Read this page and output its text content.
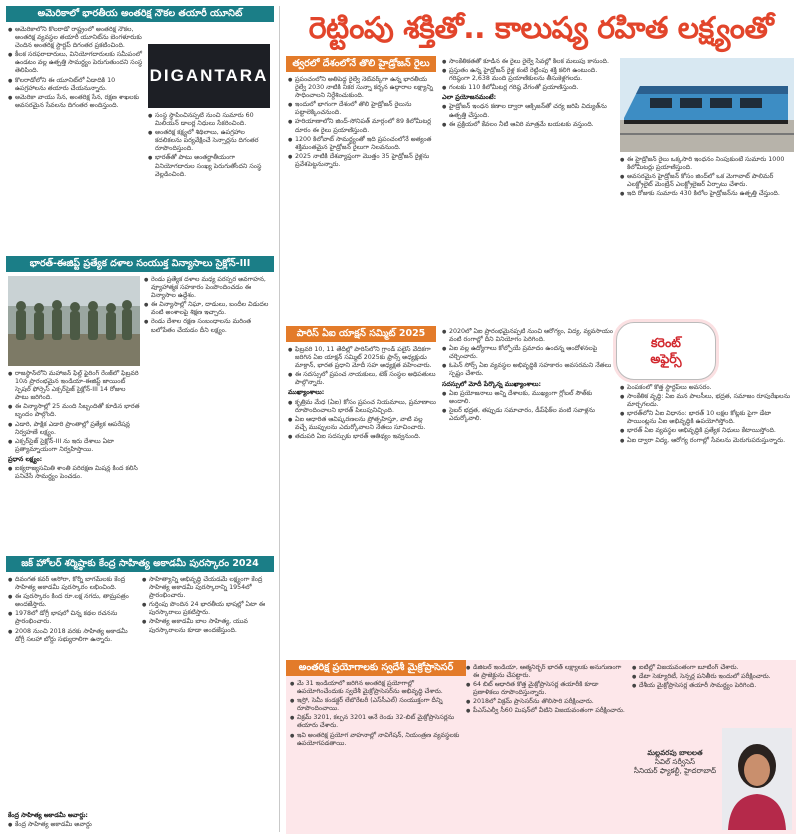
అమెరికాలో భారతీయ అంతరిక్ష నౌకల తయారీ యూనిట్
● అమెరికాలోని కొలరాడో రాష్ట్రంలో అంతరిక్ష నౌకల, అంతరిక్ష వ్యవస్థల తయారీ యూనిట్‌ను బెంగళూరుకు చెందిన అంతరిక్ష స్టార్టప్ దిగంతర ప్రకటించింది.
● కీలక సరఫరాదారులు, వినియోగదారులకు సమీపంలో ఉండటం వల్ల ఉత్పత్తి సామర్థ్యం పెరుగుతుందని సంస్థ తెలిపింది.
● కొలరాడోలోని ఈ యూనిట్‌లో ఏడాదికి 10 ఉపగ్రహాలను తయారు చేయనున్నారు.
● అమెరికా వాయు సేన, అంతరిక్ష సేన, రక్షణ శాఖలకు అవసరమైన సేవలను దిగంతర అందిస్తుంది.
DIGANTARA
● సంస్థ స్థాపించినప్పటి నుంచి సుమారు 60 మిలియన్ డాలర్ల నిధులు సేకరించింది.
● అంతరిక్ష కక్ష్యలో శిథిలాలు, ఉపగ్రహాల కదలికలను పర్యవేక్షించే సెన్సార్లను దిగంతర రూపొందిస్తుంది.
● భారత్‌తో పాటు అంతర్జాతీయంగా వినియోగదారుల సంఖ్య పెరుగుతోందని సంస్థ వెల్లడించింది.
భారత్-ఈజిప్ట్ ప్రత్యేక దళాల సంయుక్త విన్యాసాలు సైక్లోన్-III
● రాజస్థాన్‌లోని మహాజన్ ఫీల్డ్ ఫైరింగ్ రేంజ్‌లో ఫిబ్రవరి 10న ప్రారంభమైన ఇండియా-ఈజిప్ట్ జాయింట్ స్పెషల్ ఫోర్సెస్ ఎక్సర్‌సైజ్ సైక్లోన్-III 14 రోజుల పాటు జరిగింది.
● ఈ విన్యాసాల్లో 25 మంది సిబ్బందితో కూడిన భారత బృందం పాల్గొంది.
● ఎడారి, పాక్షిక ఎడారి ప్రాంతాల్లో ప్రత్యేక ఆపరేషన్ల నిర్వహణే లక్ష్యం.
● ఎక్సర్‌సైజ్ సైక్లోన్-III ను ఇరు దేశాలు ఏటా ప్రత్యామ్నాయంగా నిర్వహిస్తాయి.
ప్రధాన లక్ష్యం:
● ఐక్యరాజ్యసమితి శాంతి పరిరక్షణ మిషన్ల కింద కలిసి పనిచేసే సామర్థ్యం పెంచడం.
● రెండు ప్రత్యేక దళాల మధ్య పరస్పర అవగాహన, వ్యూహాత్మక సహకారం పెంపొందించడం ఈ విన్యాసాల ఉద్దేశం.
● ఈ విన్యాసాల్లో నిఘా, దాడులు, బందీల విడుదల వంటి అంశాలపై శిక్షణ ఇచ్చారు.
● రెండు దేశాల రక్షణ సంబంధాలను మరింత బలోపేతం చేయడం దీని లక్ష్యం.
జక్ హోలర్ శర్మిష్ఠాకు కేంద్ర సాహిత్య అకాడమీ పురస్కారం 2024
● దివంగత కవర్ ఆసోరా, కోర్నీ బాగమ్‌లకు కేంద్ర సాహిత్య అకాడమీ పురస్కారం లభించింది.
● ఈ పురస్కారం కింద రూ.లక్ష నగదు, తామ్రపత్రం అందజేస్తారు.
● 1978లో డోగ్రీ భాషలో చిన్న కథల రచనను ప్రారంభించారు.
● 2008 నుంచి 2018 వరకు సాహిత్య అకాడమీ డోగ్రీ సలహా బోర్డు సభ్యురాలిగా ఉన్నారు.
● సాహిత్యాన్ని అభివృద్ధి చేయడమే లక్ష్యంగా కేంద్ర సాహిత్య అకాడమీ పురస్కారాన్ని 1954లో ప్రారంభించారు.
● గుర్తింపు పొందిన 24 భారతీయ భాషల్లో ఏటా ఈ పురస్కారాలు ప్రకటిస్తారు.
● సాహిత్య అకాడమీ బాల సాహిత్య, యువ పురస్కారాలను కూడా అందజేస్తుంది.
కేంద్ర సాహిత్య అకాడమీ అవార్డు:
● కేంద్ర సాహిత్య అకాడమీ అవార్డు
రెట్టింపు శక్తితో.. కాలుష్య రహిత లక్ష్యంతో
త్వరలో దేశంలోనే తొలి హైడ్రోజన్ రైలు
● ప్రపంచంలోని అతిపెద్ద రైల్వే నెట్‌వర్క్‌గా ఉన్న భారతీయ రైల్వే 2030 నాటికి నికర సున్నా కర్బన ఉద్గారాల లక్ష్యాన్ని సాధించాలని నిర్దేశించుకుంది.
● ఇందులో భాగంగా దేశంలో తొలి హైడ్రోజన్ రైలును పట్టాలెక్కించనుంది.
● హరియాణాలోని జింద్-సోనిపత్ మార్గంలో 89 కిలోమీటర్ల దూరం ఈ రైలు ప్రయాణిస్తుంది.
● 1200 కిలోవాట్ సామర్థ్యంతో ఇది ప్రపంచంలోనే అత్యంత శక్తిమంతమైన హైడ్రోజన్ రైలుగా నిలవనుంది.
● 2025 నాటికి దేశవ్యాప్తంగా మొత్తం 35 హైడ్రోజన్ రైళ్లను ప్రవేశపెట్టనున్నారు.
● సాంకేతికతతో కూడిన ఈ రైలు రైల్వే సేవల్లో కీలక మలుపు కానుంది.
● ప్రస్తుతం ఉన్న హైడ్రోజన్ రైళ్ల కంటే రెట్టింపు శక్తి కలిగి ఉంటుంది. గరిష్ఠంగా 2,638 మంది ప్రయాణికులను తీసుకెళ్లగలదు.
● గంటకు 110 కిలోమీటర్ల గరిష్ఠ వేగంతో ప్రయాణిస్తుంది.
ఎలా ప్రయోజనమంటే:
● హైడ్రోజన్ ఇంధన కణాల ద్వారా ఆక్సిజన్‌తో చర్య జరిపి విద్యుత్‌ను ఉత్పత్తి చేస్తుంది.
● ఈ ప్రక్రియలో కేవలం నీటి ఆవిరి మాత్రమే బయటకు వస్తుంది.
● ఈ హైడ్రోజన్ రైలు ఒక్కసారి ఇంధనం నింపుకుంటే సుమారు 1000 కిలోమీటర్లు ప్రయాణిస్తుంది.
● అవసరమైన హైడ్రోజన్ కోసం జింద్‌లో ఒక మెగావాట్ పాలిమర్ ఎలక్ట్రోలైట్ మెంబ్రేన్ ఎలక్ట్రోలైజర్ ఏర్పాటు చేశారు.
● ఇది రోజుకు సుమారు 430 కిలోల హైడ్రోజన్‌ను ఉత్పత్తి చేస్తుంది.
కరెంట్
అఫైర్స్
పారిస్ ఏఐ యాక్షన్ సమ్మిట్ 2025
● ఫిబ్రవరి 10, 11 తేదీల్లో పారిస్‌లోని గ్రాండ్ పలైస్ వేదికగా జరిగిన ఏఐ యాక్షన్ సమ్మిట్ 2025కు ఫ్రాన్స్ అధ్యక్షుడు మాక్రాన్, భారత ప్రధాని మోదీ సహ అధ్యక్షత వహించారు.
● ఈ సదస్సులో ప్రపంచ నాయకులు, టెక్ సంస్థల అధిపతులు పాల్గొన్నారు.
ముఖ్యాంశాలు:
● కృత్రిమ మేధ (ఏఐ) కోసం ప్రపంచ నియమాలు, ప్రమాణాలు రూపొందించాలని భారత్ పిలుపునిచ్చింది.
● ఏఐ ఆధారిత ఆవిష్కరణలను ప్రోత్సహిస్తూ, వాటి వల్ల వచ్చే ముప్పులను ఎదుర్కోవాలని నేతలు సూచించారు.
● తదుపరి ఏఐ సదస్సుకు భారత్ ఆతిథ్యం ఇవ్వనుంది.
● 2020లో ఏఐ ప్రారంభమైనప్పటి నుంచి ఆరోగ్యం, విద్య, వ్యవసాయం వంటి రంగాల్లో దీని వినియోగం పెరిగింది.
● ఏఐ వల్ల ఉద్యోగాలు కోల్పోయే ప్రమాదం ఉందన్న ఆందోళనలపై చర్చించారు.
● ఓపెన్ సోర్స్ ఏఐ వ్యవస్థల అభివృద్ధికి సహకారం అవసరమని నేతలు స్పష్టం చేశారు.
సదస్సులో మోదీ పేర్కొన్న ముఖ్యాంశాలు:
● ఏఐ ప్రయోజనాలు అన్ని దేశాలకు, ముఖ్యంగా గ్లోబల్ సౌత్‌కు అందాలి.
● సైబర్ భద్రత, తప్పుడు సమాచారం, డీప్‌ఫేక్‌ల వంటి సవాళ్లను ఎదుర్కోవాలి.
● పెంపకంలో కొత్త స్టార్టప్‌లు అవసరం.
● సాంకేతిక వృద్ధి: ఏఐ మన పాలసీలు, భద్రత, సమాజం రూపురేఖలను మార్చగలదు.
● భారత్‌లోని ఏఐ విధానం: భారత్ 10 లక్షల కోట్లకు పైగా డేటా పాయింట్లను ఏఐ అభివృద్ధికి ఉపయోగిస్తోంది.
● భారత్ ఏఐ వ్యవస్థల అభివృద్ధికి ప్రత్యేక నిధులు కేటాయిస్తోంది.
● ఏఐ ద్వారా విద్య, ఆరోగ్య రంగాల్లో సేవలను మెరుగుపరుస్తున్నారు.
అంతరిక్ష ప్రయోగాలకు స్వదేశీ మైక్రోప్రాసెసర్
● మే 31 ఇండియాలో జరిగిన అంతరిక్ష ప్రయోగాల్లో ఉపయోగించేందుకు స్వదేశీ మైక్రోప్రాసెసర్‌ను అభివృద్ధి చేశారు.
● ఇస్రో, సెమీ కండక్టర్ లేబొరేటరీ (ఎస్‌సీఎల్) సంయుక్తంగా దీన్ని రూపొందించాయి.
● విక్రమ్ 3201, కల్పన 3201 అనే రెండు 32-బిట్ మైక్రోప్రాసెసర్లను తయారు చేశారు.
● ఇవి అంతరిక్ష ప్రయోగ వాహనాల్లో నావిగేషన్, నియంత్రణ వ్యవస్థలకు ఉపయోగపడతాయి.
● డిజిటల్ ఇండియా, ఆత్మనిర్భర్ భారత్ లక్ష్యాలకు అనుగుణంగా ఈ ప్రాజెక్టును చేపట్టారు.
● 64 బిట్ ఆధారిత కొత్త మైక్రోప్రాసెసర్ల తయారీకి కూడా ప్రణాళికలు రూపొందిస్తున్నారు.
● 2018లో విక్రమ్ ప్రాసెసర్‌ను తొలిసారి పరీక్షించారు.
● పీఎస్ఎల్వీ సీ60 మిషన్‌లో వీటిని విజయవంతంగా పరీక్షించారు.
● ఐటీల్లో విజయవంతంగా బూటింగ్ చేశారు.
● డేటా సెక్యూరిటీ, సెన్సర్ల పనితీరు ఇందులో పరీక్షించారు.
● దేశీయ మైక్రోప్రాసెసర్ల తయారీ సామర్థ్యం పెరిగింది.
మల్లవరపు బాలలత
సివిల్ సర్వీసెస్
సీనియర్ ఫ్యాకల్టీ, హైదరాబాద్
